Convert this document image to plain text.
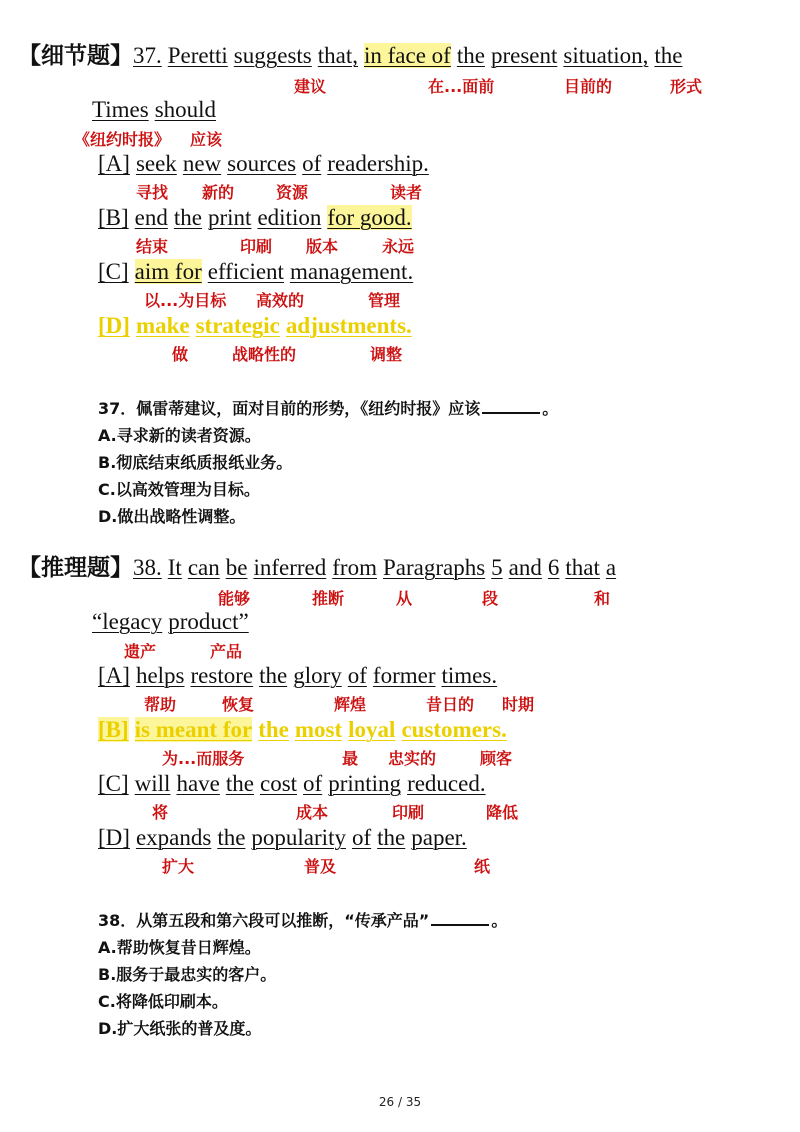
【细节题】37. Peretti suggests that, in face of the present situation, the
建议	在...面前	目前的	形式
Times should
《纽约时报》 应该
[A] seek new sources of readership.
寻找 新的	资源	读者
[B] end the print edition for good.
结束	印刷 版本	永远
[C] aim for efficient management.
以...为目标 高效的	管理
[D] make strategic adjustments.
做	战略性的	调整
37．佩雷蒂建议，面对目前的形势，《纽约时报》应该	。
A.寻求新的读者资源。
B.彻底结束纸质报纸业务。
C.以高效管理为目标。
D.做出战略性调整。
【推理题】38. It can be inferred from Paragraphs 5 and 6 that a
能够	推断	从	段	和
“legacy product”
遗产	产品
[A] helps restore the glory of former times.
帮助	恢复	辉煌	昔日的 时期
[B] is meant for the most loyal customers.
为...而服务	最 忠实的	顾客
[C] will have the cost of printing reduced.
将	成本	印刷	降低
[D] expands the popularity of the paper.
扩大	普及	纸
38．从第五段和第六段可以推断，“传承产品”	。
A.帮助恢复昔日辉煌。
B.服务于最忠实的客户。
C.将降低印刷本。
D.扩大纸张的普及度。
26 / 35
